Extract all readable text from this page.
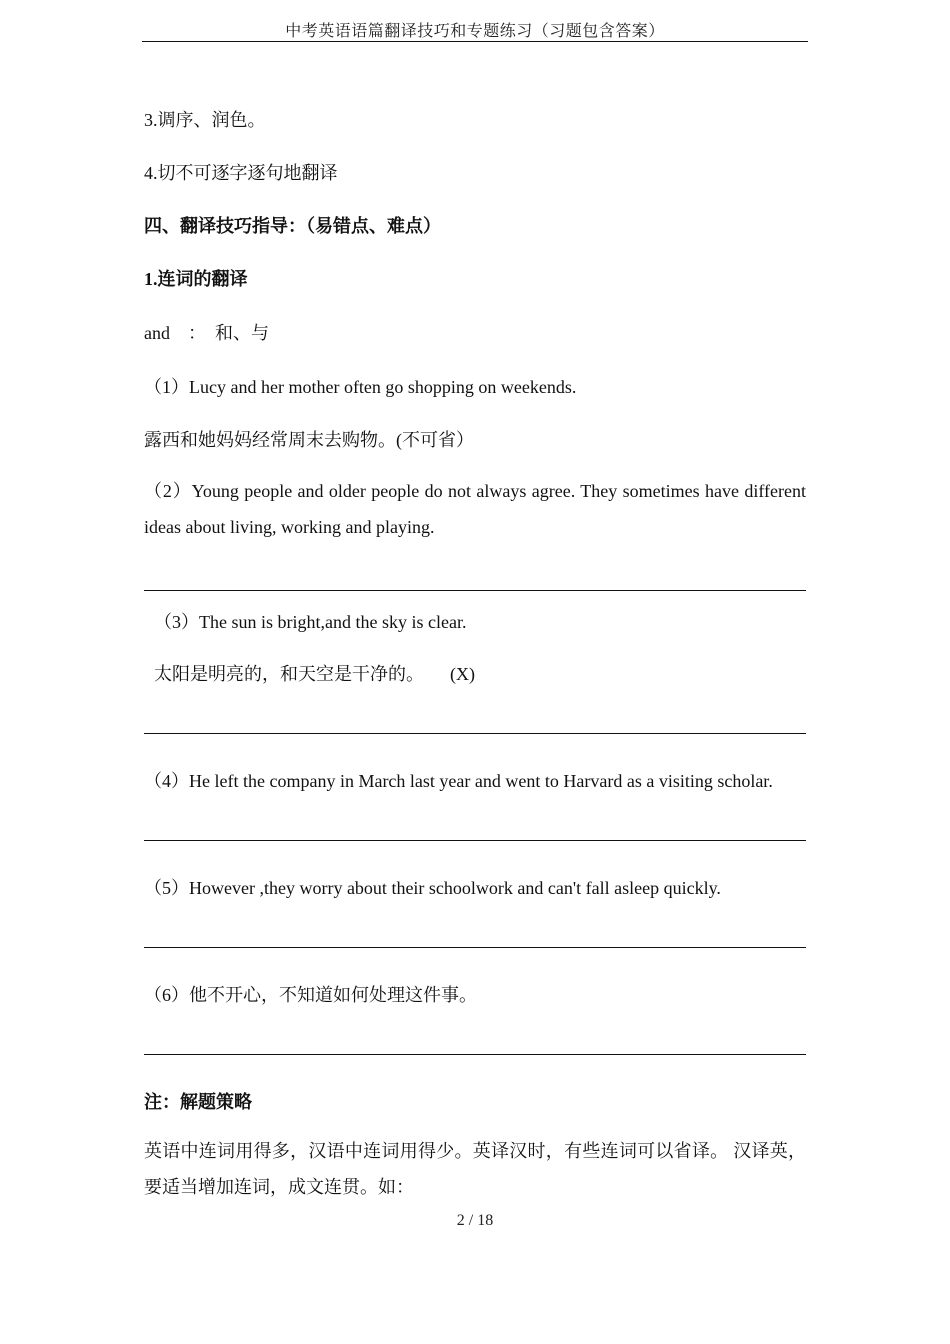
中考英语语篇翻译技巧和专题练习（习题包含答案）
3.调序、润色。
4.切不可逐字逐句地翻译
四、翻译技巧指导：（易错点、难点）
1.连词的翻译
and　：　和、与
（1）Lucy and her mother often go shopping on weekends.
露西和她妈妈经常周末去购物。(不可省）
（2）Young people and older people do not always agree. They sometimes have different ideas about living, working and playing.
（3）The sun is bright,and the sky is clear.
太阳是明亮的，和天空是干净的。 (X)
（4）He left the company in March last year and went to Harvard as a visiting scholar.
（5）However ,they worry about their schoolwork and can't fall asleep quickly.
（6）他不开心，不知道如何处理这件事。
注：解题策略
英语中连词用得多，汉语中连词用得少。英译汉时，有些连词可以省译。 汉译英，要适当增加连词，成文连贯。如：
2 / 18
